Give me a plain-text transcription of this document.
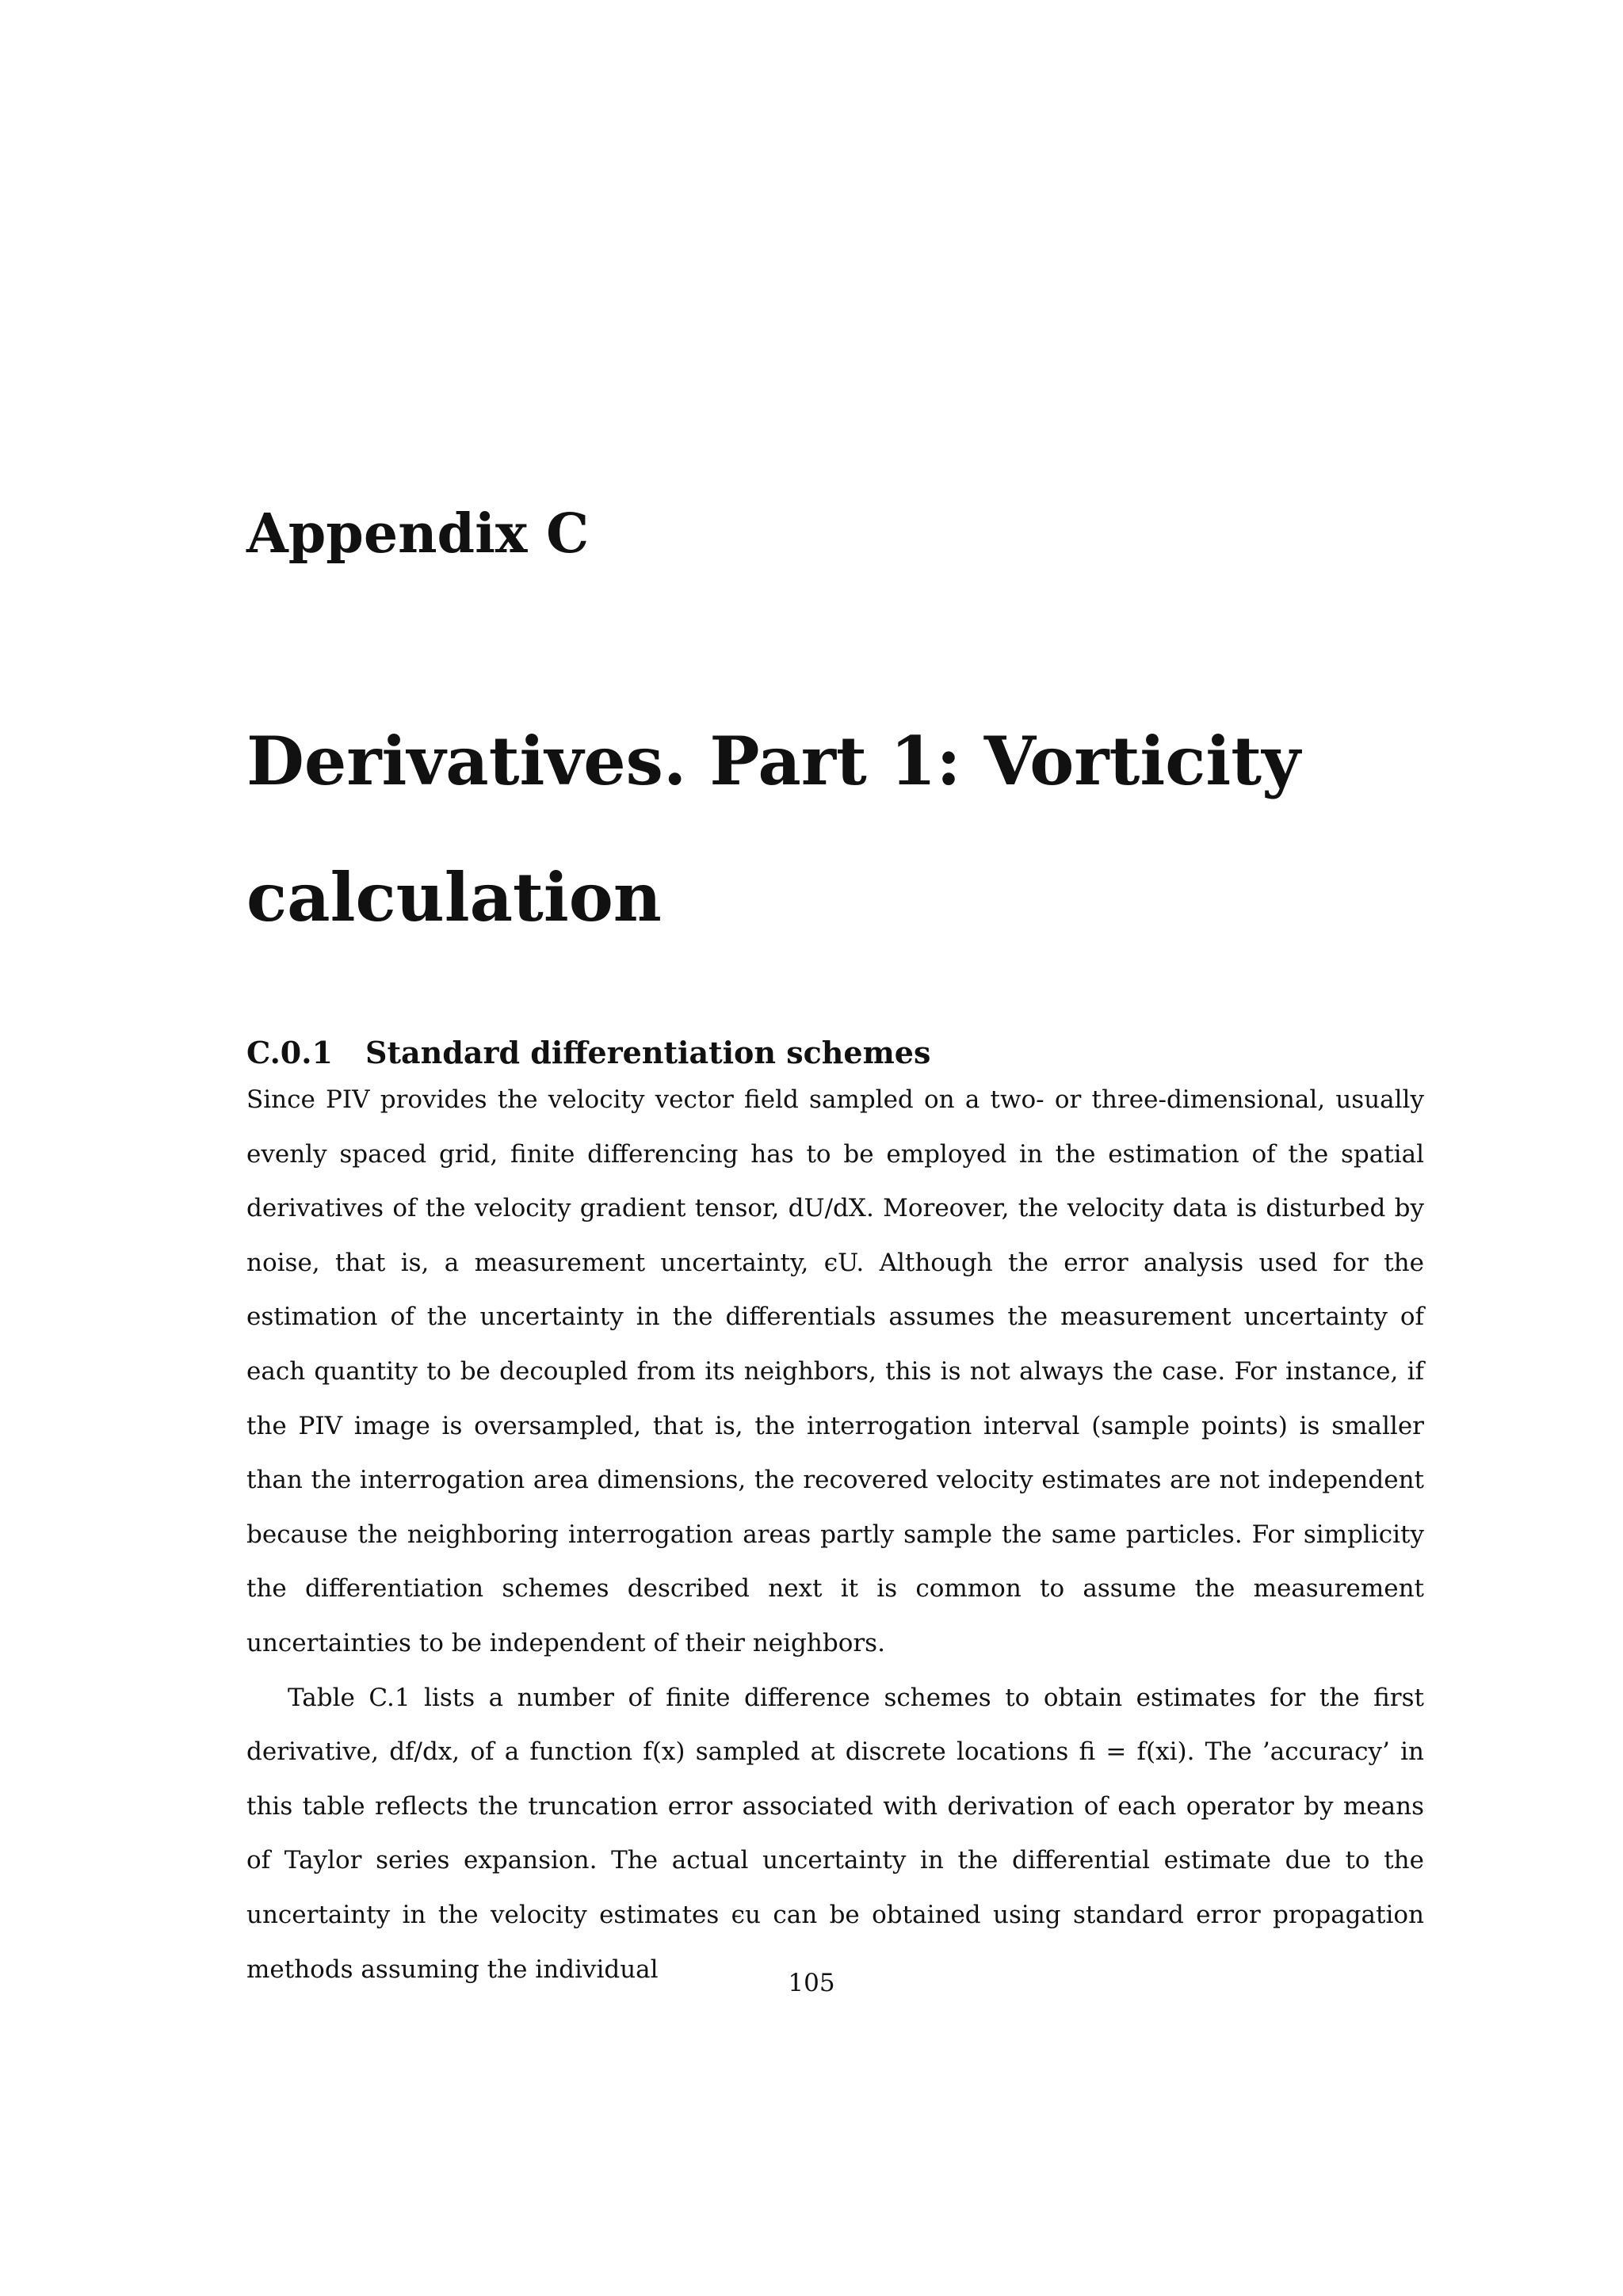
Appendix C
Derivatives. Part 1: Vorticity
calculation
C.0.1 Standard differentiation schemes

Since PIV provides the velocity vector field sampled on a two- or three-dimensional, usually evenly spaced grid, finite differencing has to be employed in the estimation of the spatial derivatives of the velocity gradient tensor, dU/dX. Moreover, the velocity data is disturbed by noise, that is, a measurement uncertainty, ϵU. Although the error analysis used for the estimation of the uncertainty in the differentials assumes the measurement uncertainty of each quantity to be decoupled from its neighbors, this is not always the case. For instance, if the PIV image is oversampled, that is, the interrogation interval (sample points) is smaller than the interrogation area dimensions, the recovered velocity estimates are not independent because the neighboring interrogation areas partly sample the same particles. For simplicity the differentiation schemes described next it is common to assume the measurement uncertainties to be independent of their neighbors.

Table C.1 lists a number of finite difference schemes to obtain estimates for the first derivative, df/dx, of a function f(x) sampled at discrete locations fi = f(xi). The ’accuracy’ in this table reflects the truncation error associated with derivation of each operator by means of Taylor series expansion. The actual uncertainty in the differential estimate due to the uncertainty in the velocity estimates ϵu can be obtained using standard error propagation methods assuming the individual	105
